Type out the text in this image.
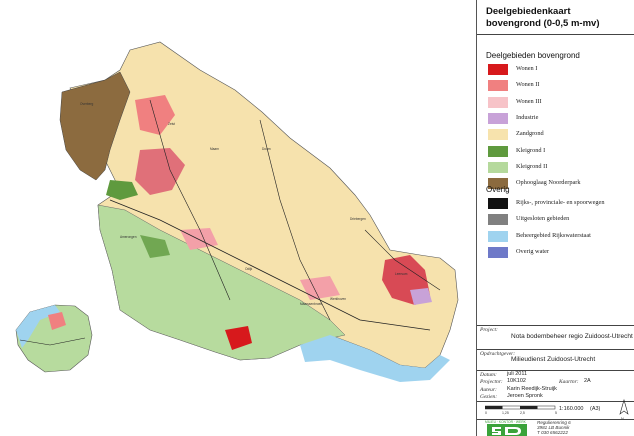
Maarn
Zeist
Odijk
Werkhoven
Driebergen
Doorn
Leersum
Amerongen
Overberg
Maarssenbroek
Deelgebiedenkaart
bovengrond (0-0,5 m-mv)
Deelgebieden bovengrond
Wonen I
Wonen II
Wonen III
Industrie
Zandgrond
Kleigrond I
Kleigrond II
Ophooglaag Noorderpark
Overig
Rijks-, provinciale- en spoorwegen
Uitgesloten gebieden
Beheergebied Rijkswaterstaat
Overig water
Project:
Nota bodembeheer regio Zuidoost-Utrecht
Opdrachtgever:
Milieudienst Zuidoost-Utrecht
Datum: juli 2011
Projectnr: 10K102	Kaartnr: 2A
Auteur: Karin Reedijk-Struijk
Gezien: Jeroen Spronk
0	1,25	2,5	5
1:160.000 (A3)
N
MILIEU · KONTOR · WERK Regulierenring 6
3981 LB Bunnik
T 030 6562222
